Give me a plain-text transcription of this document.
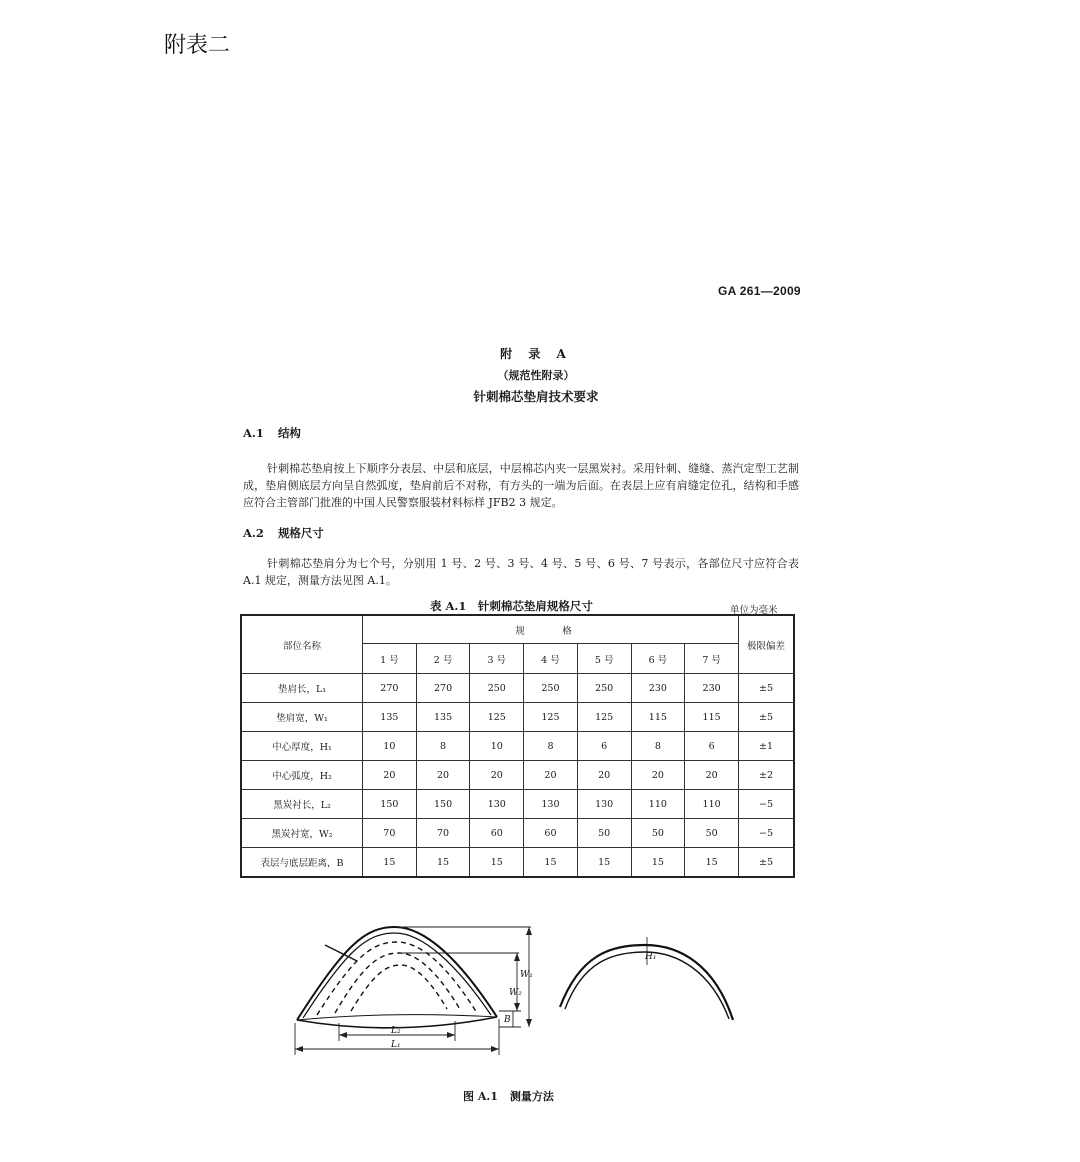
附表二
GA 261—2009
附 录 A
（规范性附录）
针刺棉芯垫肩技术要求
A.1 结构
针刺棉芯垫肩按上下顺序分表层、中层和底层，中层棉芯内夹一层黑炭衬。采用针刺、缝缝、蒸汽定型工艺制成，垫肩侧底层方向呈自然弧度，垫肩前后不对称，有方头的一端为后面。在表层上应有肩缝定位孔，结构和手感应符合主管部门批准的中国人民警察服装材料标样 JFB2 3 规定。
A.2 规格尺寸
针刺棉芯垫肩分为七个号，分别用 1 号、2 号、3 号、4 号、5 号、6 号、7 号表示，各部位尺寸应符合表 A.1 规定，测量方法见图 A.1。
表 A.1　针刺棉芯垫肩规格尺寸	单位为毫米
部位名称	规　格							极限偏差
	1 号	2 号	3 号	4 号	5 号	6 号	7 号	
垫肩长，L₁	270	270	250	250	250	230	230	±5
垫肩宽，W₁	135	135	125	125	125	115	115	±5
中心厚度，H₁	10	8	10	8	6	8	6	±1
中心弧度，H₂	20	20	20	20	20	20	20	±2
黑炭衬长，L₂	150	150	130	130	130	110	110	−5
黑炭衬宽，W₂	70	70	60	60	50	50	50	−5
表层与底层距离，B	15	15	15	15	15	15	15	±5
L₂
L₁
W₁
W₂
B
H₁
图 A.1 测量方法
